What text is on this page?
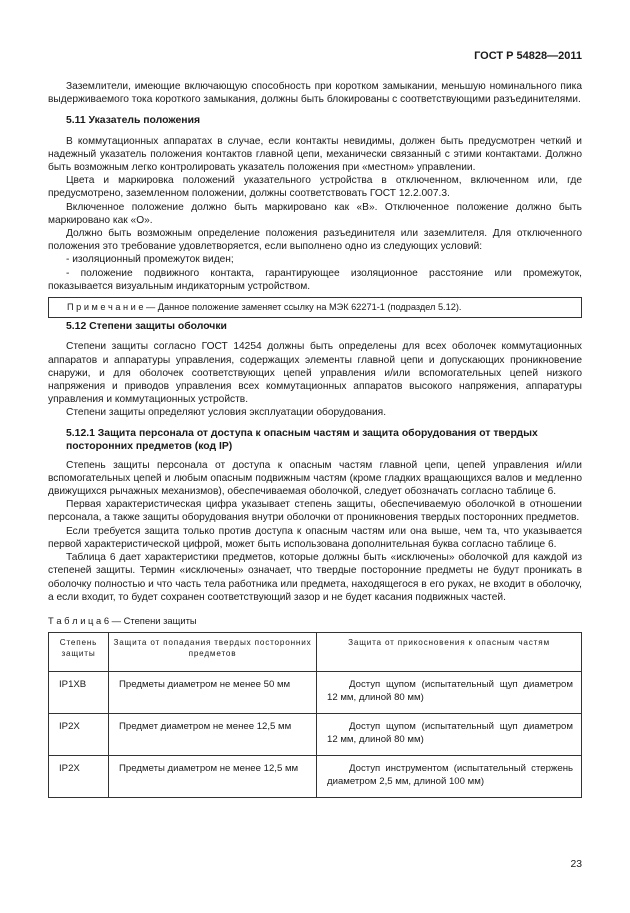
ГОСТ Р 54828—2011

Заземлители, имеющие включающую способность при коротком замыкании, меньшую номинального пика выдерживаемого тока короткого замыкания, должны быть блокированы с соответствующими разъединителями.

5.11 Указатель положения

В коммутационных аппаратах в случае, если контакты невидимы, должен быть предусмотрен четкий и надежный указатель положения контактов главной цепи, механически связанный с этими контактами. Должно быть возможным легко контролировать указатель положения при «местном» управлении.

Цвета и маркировка положений указательного устройства в отключенном, включенном или, где предусмотрено, заземленном положении, должны соответствовать ГОСТ 12.2.007.3.

Включенное положение должно быть маркировано как «В». Отключенное положение должно быть маркировано как «О».

Должно быть возможным определение положения разъединителя или заземлителя. Для отключенного положения это требование удовлетворяется, если выполнено одно из следующих условий:

- изоляционный промежуток виден;

- положение подвижного контакта, гарантирующее изоляционное расстояние или промежуток, показывается визуальным индикаторным устройством.

П р и м е ч а н и е — Данное положение заменяет ссылку на МЭК 62271-1 (подраздел 5.12).
5.12 Степени защиты оболочки

Степени защиты согласно ГОСТ 14254 должны быть определены для всех оболочек коммутационных аппаратов и аппаратуры управления, содержащих элементы главной цепи и допускающих проникновение снаружи, и для оболочек соответствующих цепей управления и/или вспомогательных цепей низкого напряжения и приводов управления всех коммутационных аппаратов высокого напряжения, аппаратуры управления и коммутационных устройств.

Степени защиты определяют условия эксплуатации оборудования.

5.12.1 Защита персонала от доступа к опасным частям и защита оборудования от твердых посторонних предметов (код IP)

Степень защиты персонала от доступа к опасным частям главной цепи, цепей управления и/или вспомогательных цепей и любым опасным подвижным частям (кроме гладких вращающихся валов и медленно движущихся рычажных механизмов), обеспечиваемая оболочкой, следует обозначать согласно таблице 6.

Первая характеристическая цифра указывает степень защиты, обеспечиваемую оболочкой в отношении персонала, а также защиты оборудования внутри оболочки от проникновения твердых посторонних предметов.

Если требуется защита только против доступа к опасным частям или она выше, чем та, что указывается первой характеристической цифрой, может быть использована дополнительная буква согласно таблице 6.

Таблица 6 дает характеристики предметов, которые должны быть «исключены» оболочкой для каждой из степеней защиты. Термин «исключены» означает, что твердые посторонние предметы не будут проникать в оболочку полностью и что часть тела работника или предмета, находящегося в его руках, не входит в оболочку, а если входит, то будет сохранен соответствующий зазор и не будет касания подвижных частей.

Т а б л и ц а 6 — Степени защиты
Степень защиты	Защита от попадания твердых посторонних предметов	Защита от прикосновения к опасным частям
IP1XB	Предметы диаметром не менее 50 мм	Доступ щупом (испытательный щуп диаметром 12 мм, длиной 80 мм)
IP2X	Предмет диаметром не менее 12,5 мм	Доступ щупом (испытательный щуп диаметром 12 мм, длиной 80 мм)
IP2X	Предметы диаметром не менее 12,5 мм	Доступ инструментом (испытательный стержень диаметром 2,5 мм, длиной 100 мм)
23
